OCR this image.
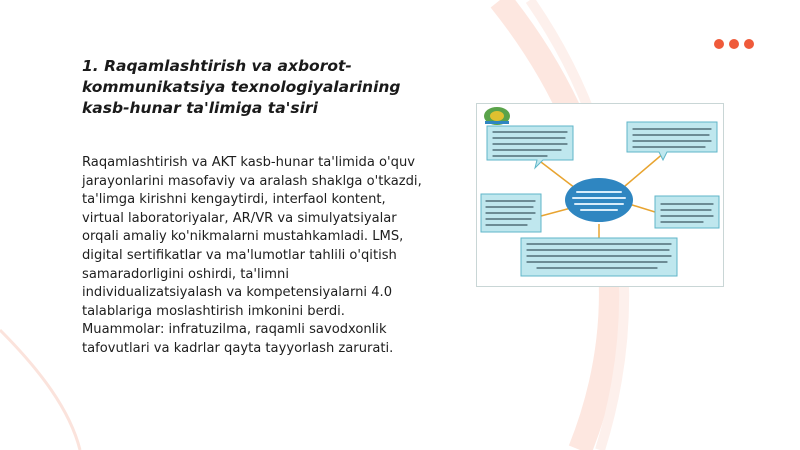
1. Raqamlashtirish va axborot-kommunikatsiya texnologiyalarining kasb-hunar ta'limiga ta'siri

Raqamlashtirish va AKT kasb-hunar ta'limida o'quv jarayonlarini masofaviy va aralash shaklga o'tkazdi, ta'limga kirishni kengaytirdi, interfaol kontent, virtual laboratoriyalar, AR/VR va simulyatsiyalar orqali amaliy ko'nikmalarni mustahkamladi. LMS, digital sertifikatlar va ma'lumotlar tahlili o'qitish samaradorligini oshirdi, ta'limni individualizatsiyalash va kompetensiyalarni 4.0 talablariga moslashtirish imkonini berdi. Muammolar: infratuzilma, raqamli savodxonlik tafovutlari va kadrlar qayta tayyorlash zarurati.
